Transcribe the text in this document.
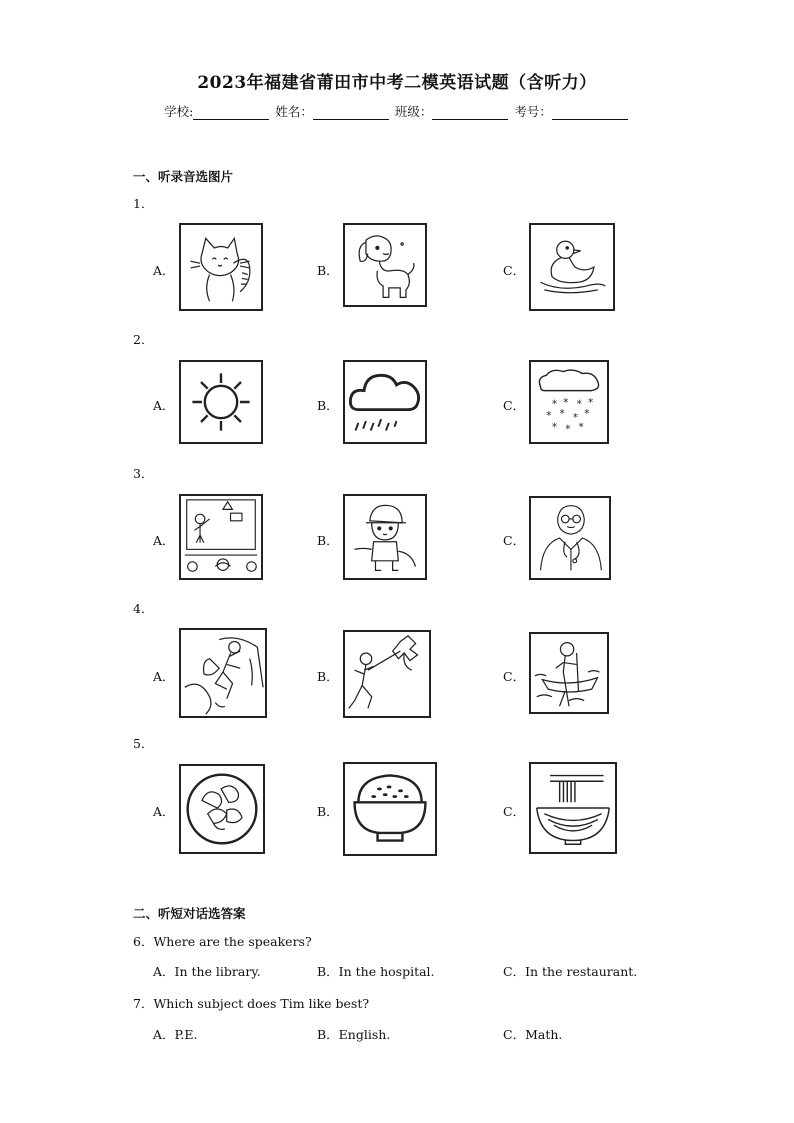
2023年福建省莆田市中考二模英语试题（含听力）
学校:	姓名：	班级：	考号：
一、听录音选图片
1．
A．	B．	C．
2．
A．	B．	C． * * * *
* * * *
* * *
3．
A．	B．	C．
4．
A．	B．	C．
5．
A．	B．	C．
二、听短对话选答案
6．Where are the speakers?
A．In the library.	B．In the hospital.	C．In the restaurant.
7．Which subject does Tim like best?
A．P.E.	B．English.	C．Math.
